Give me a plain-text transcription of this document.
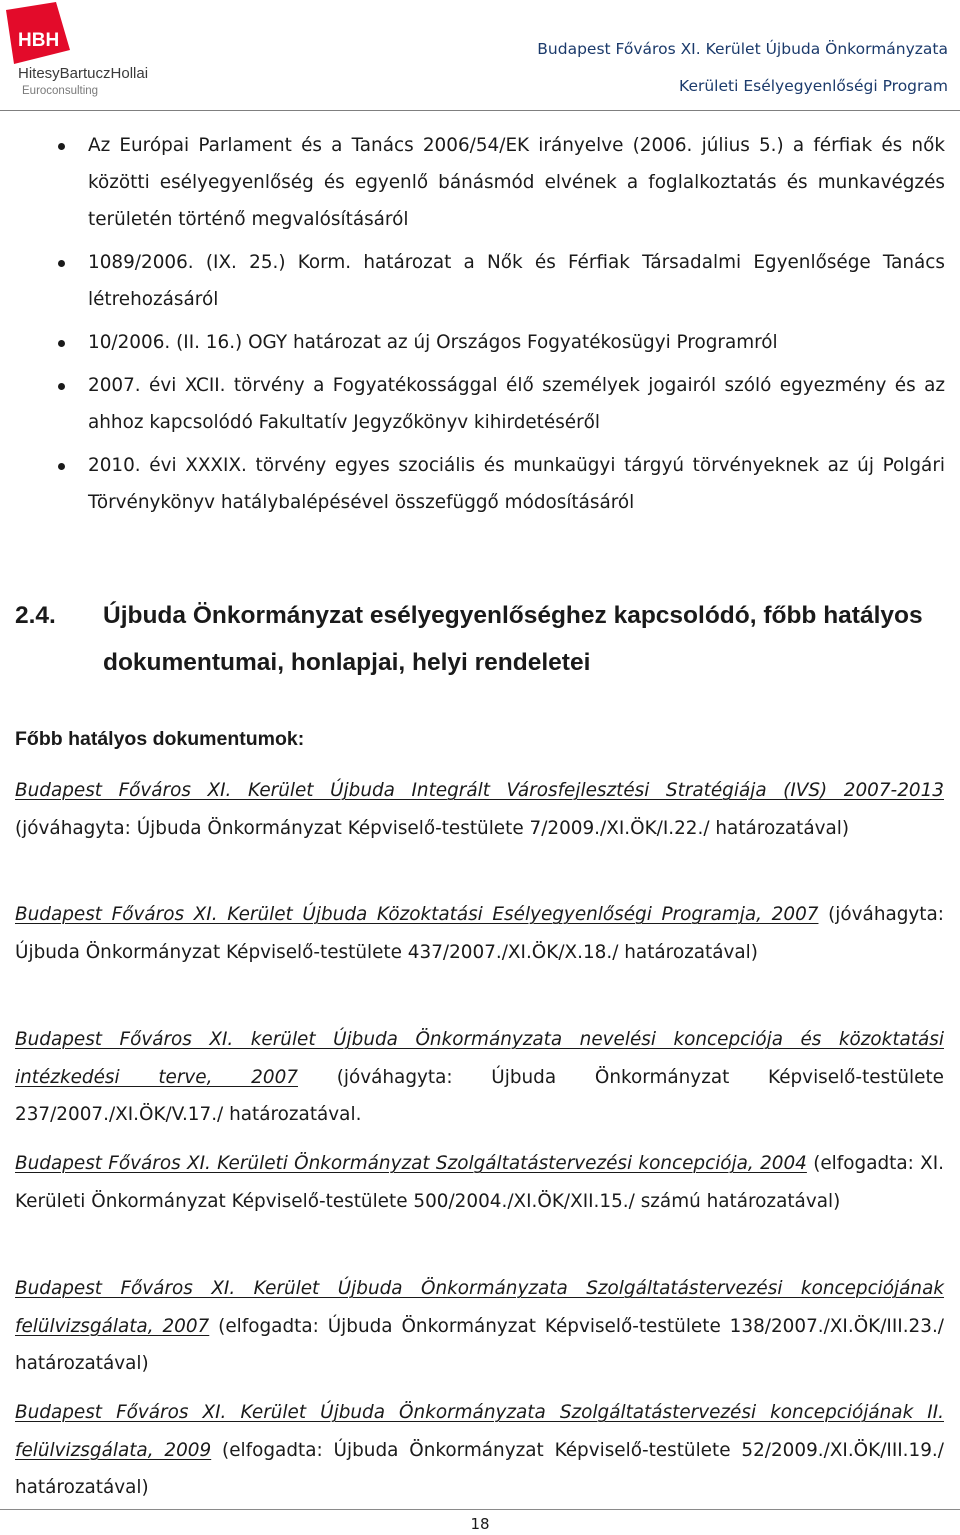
HBH
HitesyBartuczHollai
Euroconsulting
Budapest Főváros XI. Kerület Újbuda Önkormányzata
Kerületi Esélyegyenlőségi Program
Az Európai Parlament és a Tanács 2006/54/EK irányelve (2006. július 5.) a férfiak és nők közötti esélyegyenlőség és egyenlő bánásmód elvének a foglalkoztatás és munkavégzés területén történő megvalósításáról
1089/2006. (IX. 25.) Korm. határozat a Nők és Férfiak Társadalmi Egyenlősége Tanács létrehozásáról
10/2006. (II. 16.) OGY határozat az új Országos Fogyatékosügyi Programról
2007. évi XCII. törvény a Fogyatékossággal élő személyek jogairól szóló egyezmény és az ahhoz kapcsolódó Fakultatív Jegyzőkönyv kihirdetéséről
2010. évi XXXIX. törvény egyes szociális és munkaügyi tárgyú törvényeknek az új Polgári Törvénykönyv hatálybalépésével összefüggő módosításáról
2.4. Újbuda Önkormányzat esélyegyenlőséghez kapcsolódó, főbb hatályos dokumentumai, honlapjai, helyi rendeletei
Főbb hatályos dokumentumok:
Budapest Főváros XI. Kerület Újbuda Integrált Városfejlesztési Stratégiája (IVS) 2007-2013 (jóváhagyta: Újbuda Önkormányzat Képviselő-testülete 7/2009./XI.ÖK/I.22./ határozatával)
Budapest Főváros XI. Kerület Újbuda Közoktatási Esélyegyenlőségi Programja, 2007 (jóváhagyta: Újbuda Önkormányzat Képviselő-testülete 437/2007./XI.ÖK/X.18./ határozatával)
Budapest Főváros XI. kerület Újbuda Önkormányzata nevelési koncepciója és közoktatási intézkedési terve, 2007 (jóváhagyta: Újbuda Önkormányzat Képviselő-testülete 237/2007./XI.ÖK/V.17./ határozatával.
Budapest Főváros XI. Kerületi Önkormányzat Szolgáltatástervezési koncepciója, 2004 (elfogadta: XI. Kerületi Önkormányzat Képviselő-testülete 500/2004./XI.ÖK/XII.15./ számú határozatával)
Budapest Főváros XI. Kerület Újbuda Önkormányzata Szolgáltatástervezési koncepciójának felülvizsgálata, 2007 (elfogadta: Újbuda Önkormányzat Képviselő-testülete 138/2007./XI.ÖK/III.23./ határozatával)
Budapest Főváros XI. Kerület Újbuda Önkormányzata Szolgáltatástervezési koncepciójának II. felülvizsgálata, 2009 (elfogadta: Újbuda Önkormányzat Képviselő-testülete 52/2009./XI.ÖK/III.19./ határozatával)
18
